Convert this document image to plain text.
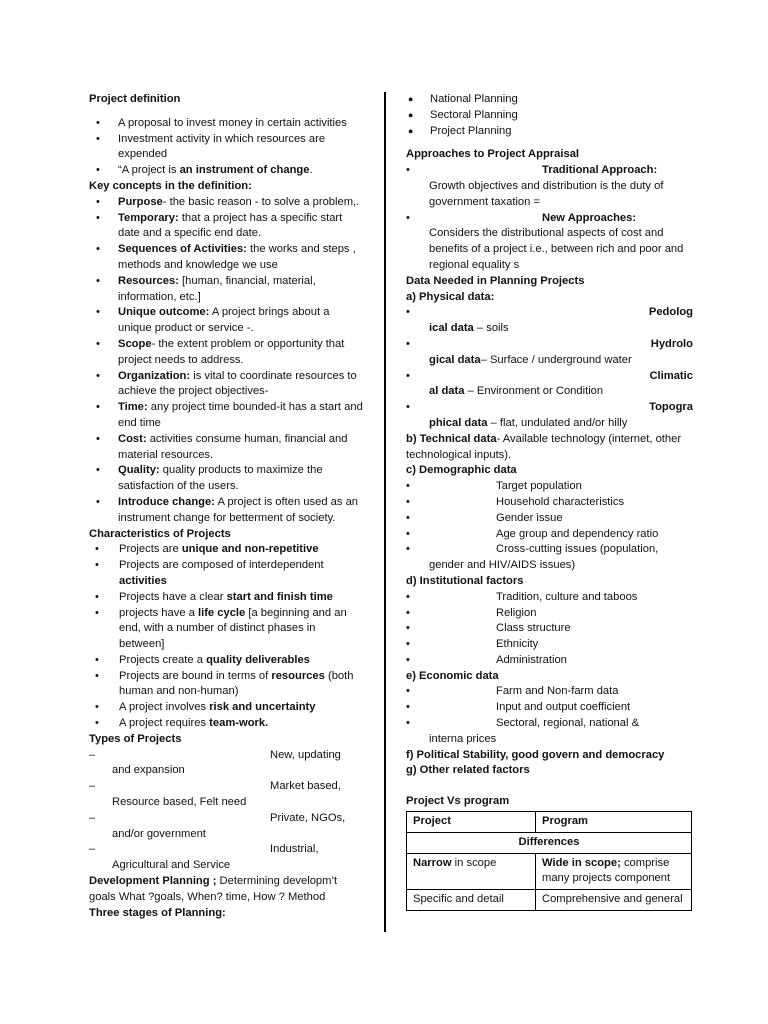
Project definition

• A proposal to invest money in certain activities
• Investment activity in which resources are expended
• “A project is an instrument of change.

Key concepts in the definition:

• Purpose- the basic reason - to solve a problem,.
• Temporary: that a project has a specific start date and a specific end date.
• Sequences of Activities: the works and steps , methods and knowledge we use
• Resources: [human, financial, material, information, etc.]
• Unique outcome: A project brings about a unique product or service -.
• Scope- the extent problem or opportunity that project needs to address.
• Organization: is vital to coordinate resources to achieve the project objectives-
• Time: any project time bounded-it has a start and end time
• Cost: activities consume human, financial and material resources.
• Quality: quality products to maximize the satisfaction of the users.
• Introduce change: A project is often used as an instrument change for betterment of society.

Characteristics of Projects

• Projects are unique and non-repetitive
• Projects are composed of interdependent activities
• Projects have a clear start and finish time
• projects have a life cycle [a beginning and an end, with a number of distinct phases in between]
• Projects create a quality deliverables
• Projects are bound in terms of resources (both human and non-human)
• A project involves risk and uncertainty
• A project requires team-work.

Types of Projects

–	New, updating
and expansion
–	Market based,
Resource based, Felt need
–	Private, NGOs,
and/or government
–	Industrial,
Agricultural and Service

Development Planning ; Determining developm’t goals What ?goals, When? time, How ? Method

Three stages of Planning:

● National Planning
● Sectoral Planning
● Project Planning

Approaches to Project Appraisal

•	Traditional Approach:
Growth objectives and distribution is the duty of government taxation =
•	New Approaches:
Considers the distributional aspects of cost and benefits of a project i.e., between rich and poor and regional equality s

Data Needed in Planning Projects

a) Physical data:

•	Pedolog
ical data – soils
•	Hydrolo
gical data– Surface / underground water
•	Climatic
al data – Environment or Condition
•	Topogra
phical data – flat, undulated and/or hilly

b) Technical data- Available technology (internet, other technological inputs).

c) Demographic data

•	Target population
•	Household characteristics
•	Gender issue
•	Age group and dependency ratio
•	Cross-cutting issues (population,
gender and HIV/AIDS issues)

d) Institutional factors

•	Tradition, culture and taboos
•	Religion
•	Class structure
•	Ethnicity
•	Administration

e) Economic data

•	Farm and Non-farm data
•	Input and output coefficient
•	Sectoral, regional, national &
interna prices

f) Political Stability, good govern and democracy

g) Other related factors

Project Vs program

Project	Program
Differences	
Narrow in scope	Wide in scope; comprise many projects component
Specific and detail	Comprehensive and general
